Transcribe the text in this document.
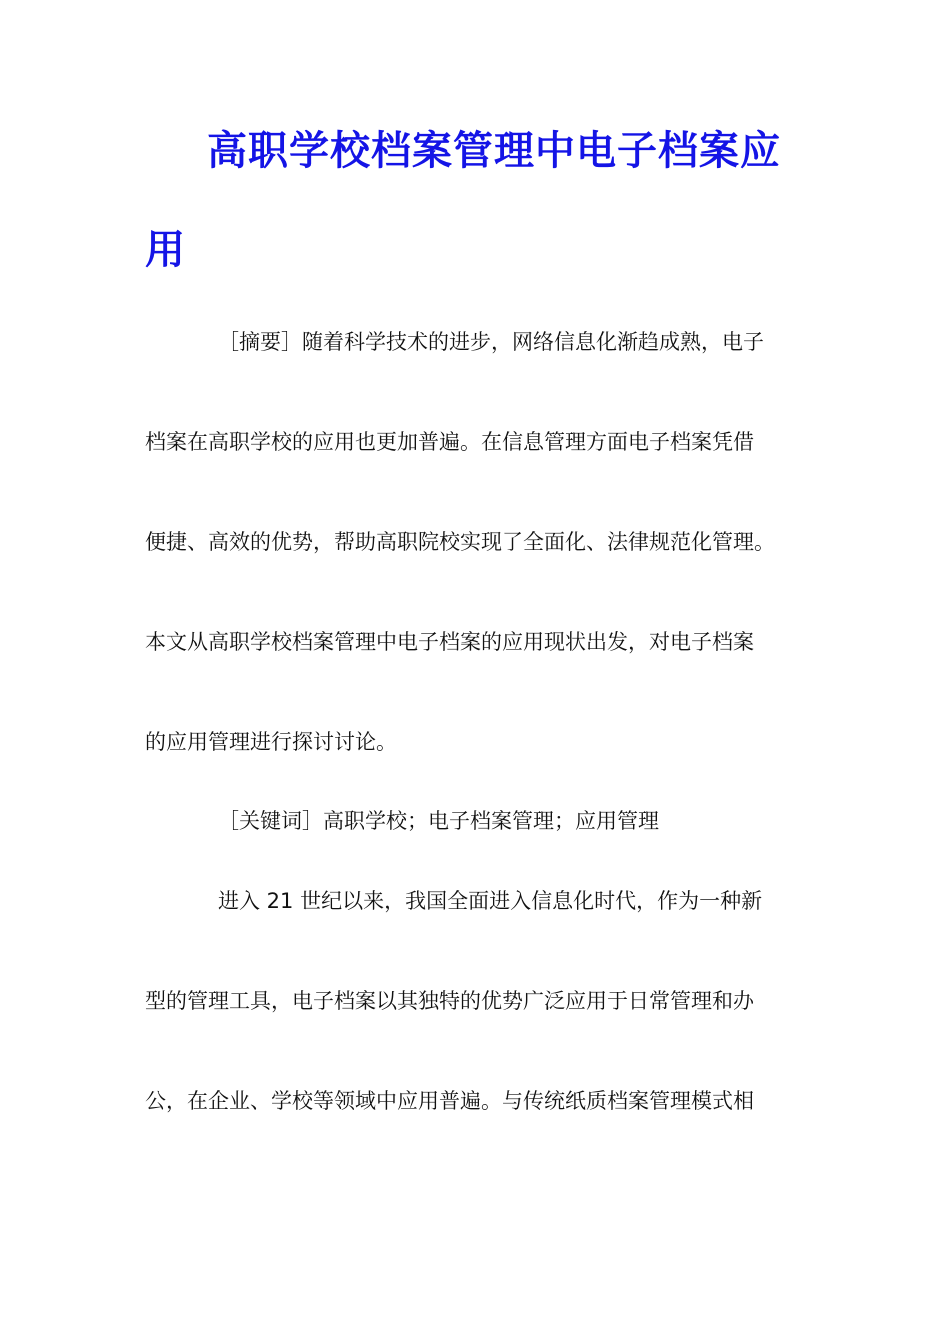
高职学校档案管理中电子档案应
用
［摘要］随着科学技术的进步，网络信息化渐趋成熟，电子
档案在高职学校的应用也更加普遍。在信息管理方面电子档案凭借
便捷、高效的优势，帮助高职院校实现了全面化、法律规范化管理。
本文从高职学校档案管理中电子档案的应用现状出发，对电子档案
的应用管理进行探讨讨论。
［关键词］高职学校；电子档案管理；应用管理
进入 21 世纪以来，我国全面进入信息化时代，作为一种新
型的管理工具，电子档案以其独特的优势广泛应用于日常管理和办
公，在企业、学校等领域中应用普遍。与传统纸质档案管理模式相
